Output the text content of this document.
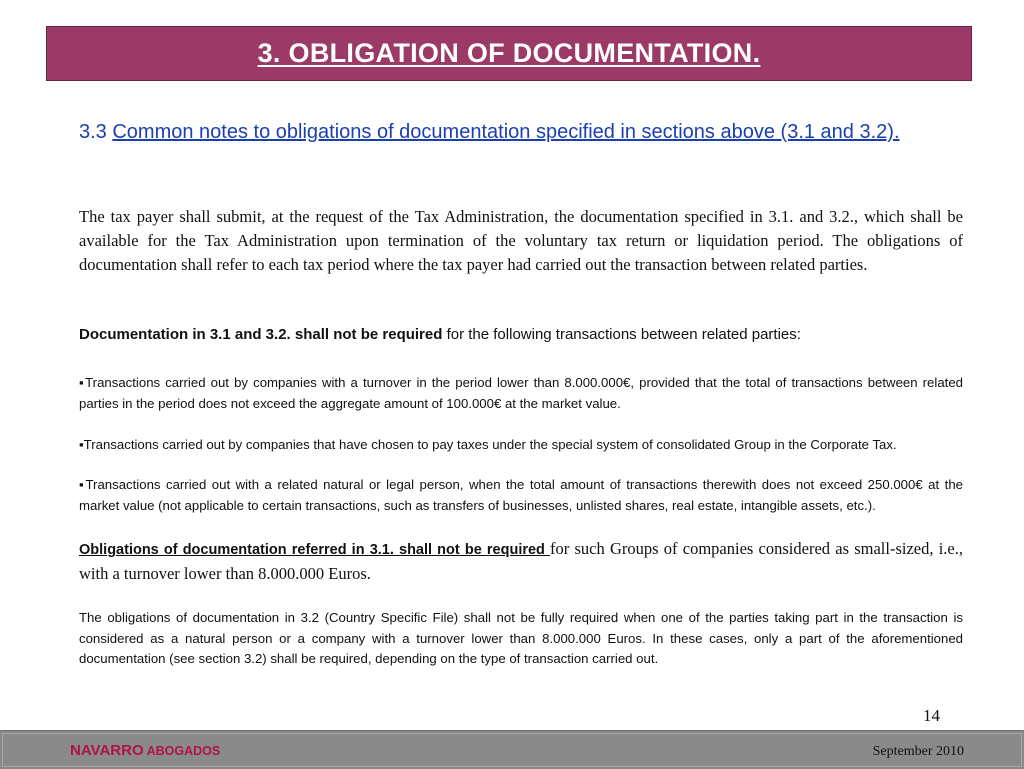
3. OBLIGATION OF DOCUMENTATION.
3.3 Common notes to obligations of documentation specified in sections above (3.1 and 3.2).
The tax payer shall submit, at the request of the Tax Administration, the documentation specified in 3.1. and 3.2., which shall be available for the Tax Administration upon termination of the voluntary tax return or liquidation period. The obligations of documentation shall refer to each tax period where the tax payer had carried out the transaction between related parties.
Documentation in 3.1 and 3.2. shall not be required for the following transactions between related parties:
▪Transactions carried out by companies with a turnover in the period lower than 8.000.000€, provided that the total of transactions between related parties in the period does not exceed the aggregate amount of 100.000€ at the market value.
▪Transactions carried out by companies that have chosen to pay taxes under the special system of consolidated Group in the Corporate Tax.
▪Transactions carried out with a related natural or legal person, when the total amount of transactions therewith does not exceed 250.000€ at the market value (not applicable to certain transactions, such as transfers of businesses, unlisted shares, real estate, intangible assets, etc.).
Obligations of documentation referred in 3.1. shall not be required for such Groups of companies considered as small-sized, i.e., with a turnover lower than 8.000.000 Euros.
The obligations of documentation in 3.2 (Country Specific File) shall not be fully required when one of the parties taking part in the transaction is considered as a natural person or a company with a turnover lower than 8.000.000 Euros. In these cases, only a part of the aforementioned documentation (see section 3.2) shall be required, depending on the type of transaction carried out.
14
NAVARRO ABOGADOS	September 2010
